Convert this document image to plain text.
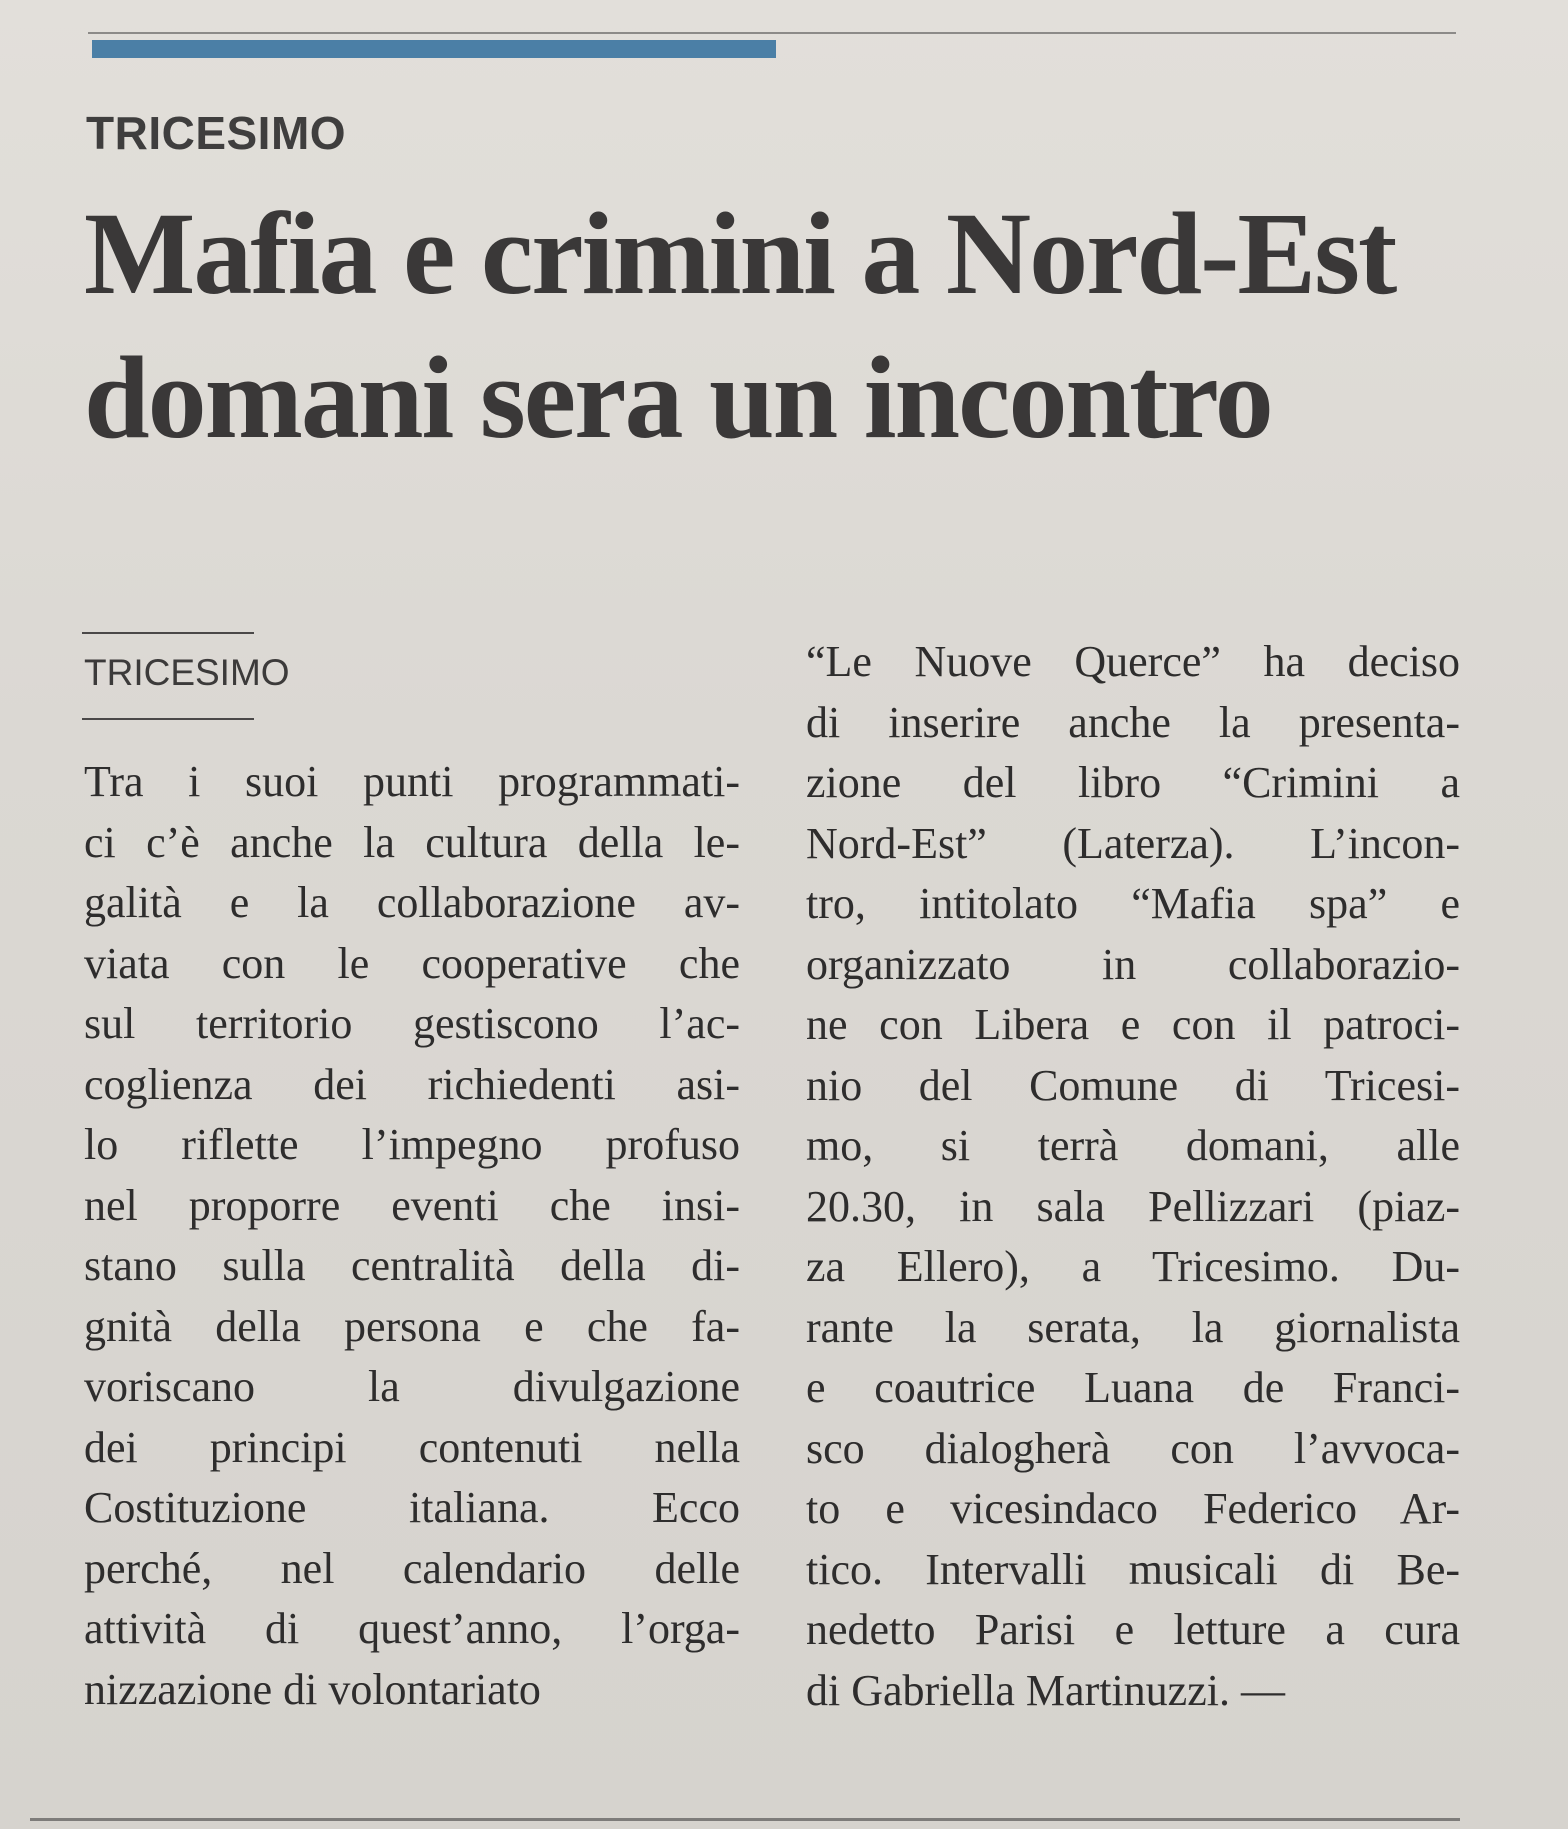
TRICESIMO
Mafia e crimini a Nord-Est
domani sera un incontro
TRICESIMO
Tra i suoi punti programmati-
ci c’è anche la cultura della le-
galità e la collaborazione av-
viata con le cooperative che
sul territorio gestiscono l’ac-
coglienza dei richiedenti asi-
lo riflette l’impegno profuso
nel proporre eventi che insi-
stano sulla centralità della di-
gnità della persona e che fa-
voriscano la divulgazione
dei principi contenuti nella
Costituzione italiana. Ecco
perché, nel calendario delle
attività di quest’anno, l’orga-
nizzazione di volontariato
“Le Nuove Querce” ha deciso
di inserire anche la presenta-
zione del libro “Crimini a
Nord-Est” (Laterza). L’incon-
tro, intitolato “Mafia spa” e
organizzato in collaborazio-
ne con Libera e con il patroci-
nio del Comune di Tricesi-
mo, si terrà domani, alle
20.30, in sala Pellizzari (piaz-
za Ellero), a Tricesimo. Du-
rante la serata, la giornalista
e coautrice Luana de Franci-
sco dialogherà con l’avvoca-
to e vicesindaco Federico Ar-
tico. Intervalli musicali di Be-
nedetto Parisi e letture a cura
di Gabriella Martinuzzi. —
